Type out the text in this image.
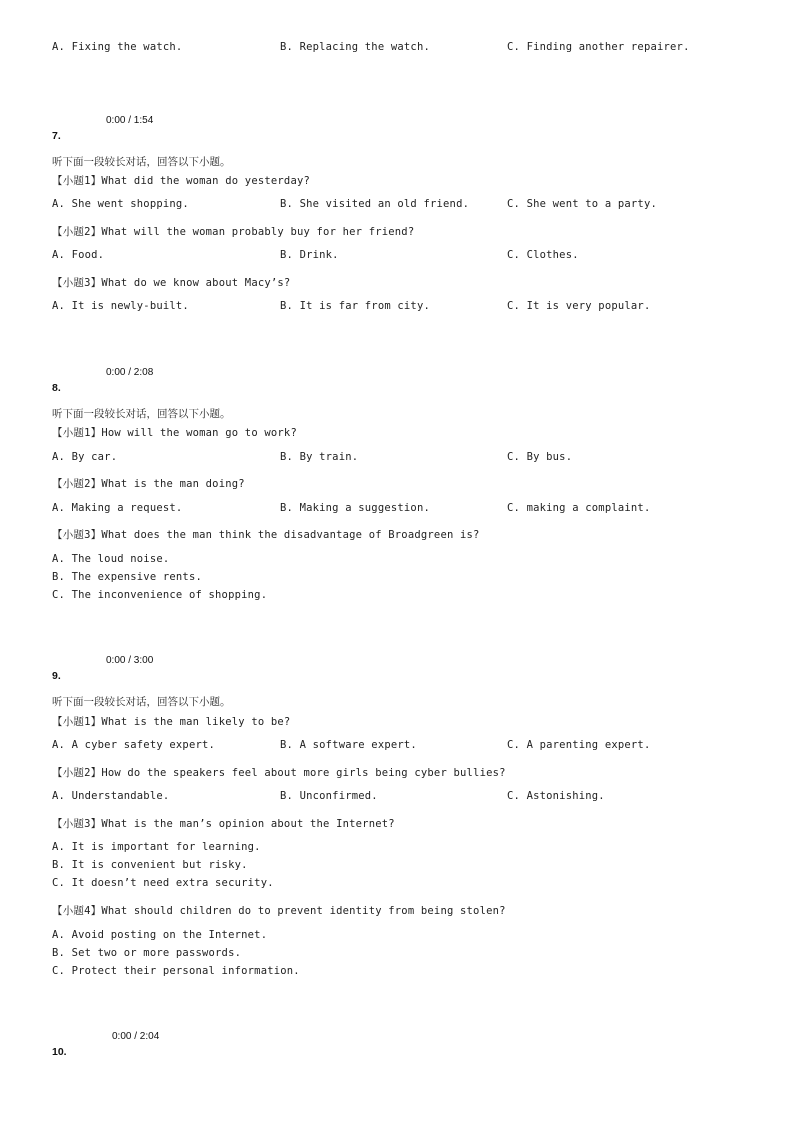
A. Fixing the watch.	B. Replacing the watch.	C. Finding another repairer.
0:00 / 1:54
7.
听下面一段较长对话，回答以下小题。
【小题1】What did the woman do yesterday?
A. She went shopping.	B. She visited an old friend.	C. She went to a party.
【小题2】What will the woman probably buy for her friend?
A. Food.	B. Drink.	C. Clothes.
【小题3】What do we know about Macy’s?
A. It is newly-built.	B. It is far from city.	C. It is very popular.
0:00 / 2:08
8.
听下面一段较长对话，回答以下小题。
【小题1】How will the woman go to work?
A. By car.	B. By train.	C. By bus.
【小题2】What is the man doing?
A. Making a request.	B. Making a suggestion.	C. making a complaint.
【小题3】What does the man think the disadvantage of Broadgreen is?
A. The loud noise.
B. The expensive rents.
C. The inconvenience of shopping.
0:00 / 3:00
9.
听下面一段较长对话，回答以下小题。
【小题1】What is the man likely to be?
A. A cyber safety expert.	B. A software expert.	C. A parenting expert.
【小题2】How do the speakers feel about more girls being cyber bullies?
A. Understandable.	B. Unconfirmed.	C. Astonishing.
【小题3】What is the man’s opinion about the Internet?
A. It is important for learning.
B. It is convenient but risky.
C. It doesn’t need extra security.
【小题4】What should children do to prevent identity from being stolen?
A. Avoid posting on the Internet.
B. Set two or more passwords.
C. Protect their personal information.
0:00 / 2:04
10.
